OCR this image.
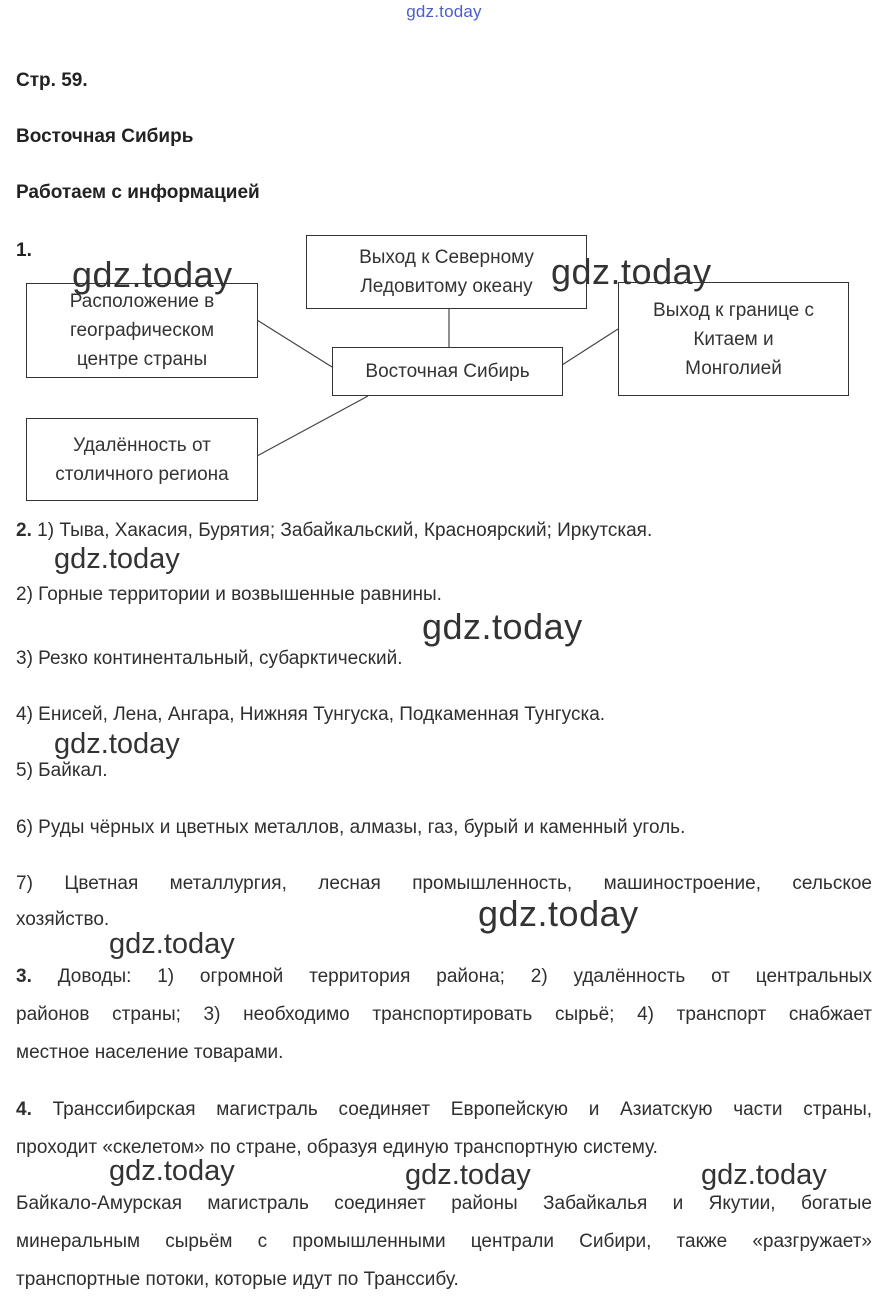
gdz.today
Стр. 59.
Восточная Сибирь
Работаем с информацией
1.	Выход к Северному
Ледовитому океану
Расположение в
географическом
центре страны
Восточная Сибирь
Выход к границе с
Китаем и
Монголией
Удалённость от
столичного региона
gdz.today	gdz.today
2. 1) Тыва, Хакасия, Бурятия; Забайкальский, Красноярский; Иркутская.
gdz.today
2) Горные территории и возвышенные равнины.
gdz.today
3) Резко континентальный, субарктический.
4) Енисей, Лена, Ангара, Нижняя Тунгуска, Подкаменная Тунгуска.
gdz.today
5) Байкал.
6) Руды чёрных и цветных металлов, алмазы, газ, бурый и каменный уголь.
7) Цветная металлургия, лесная промышленность, машиностроение, сельское
хозяйство.	gdz.today
gdz.today
3. Доводы: 1) огромной территория района; 2) удалённость от центральных
районов страны; 3) необходимо транспортировать сырьё; 4) транспорт снабжает
местное население товарами.
4. Транссибирская магистраль соединяет Европейскую и Азиатскую части страны,
проходит «скелетом» по стране, образуя единую транспортную систему.
gdz.today	gdz.today	gdz.today
Байкало-Амурская магистраль соединяет районы Забайкалья и Якутии, богатые
минеральным сырьём с промышленными централи Сибири, также «разгружает»
транспортные потоки, которые идут по Транссибу.
